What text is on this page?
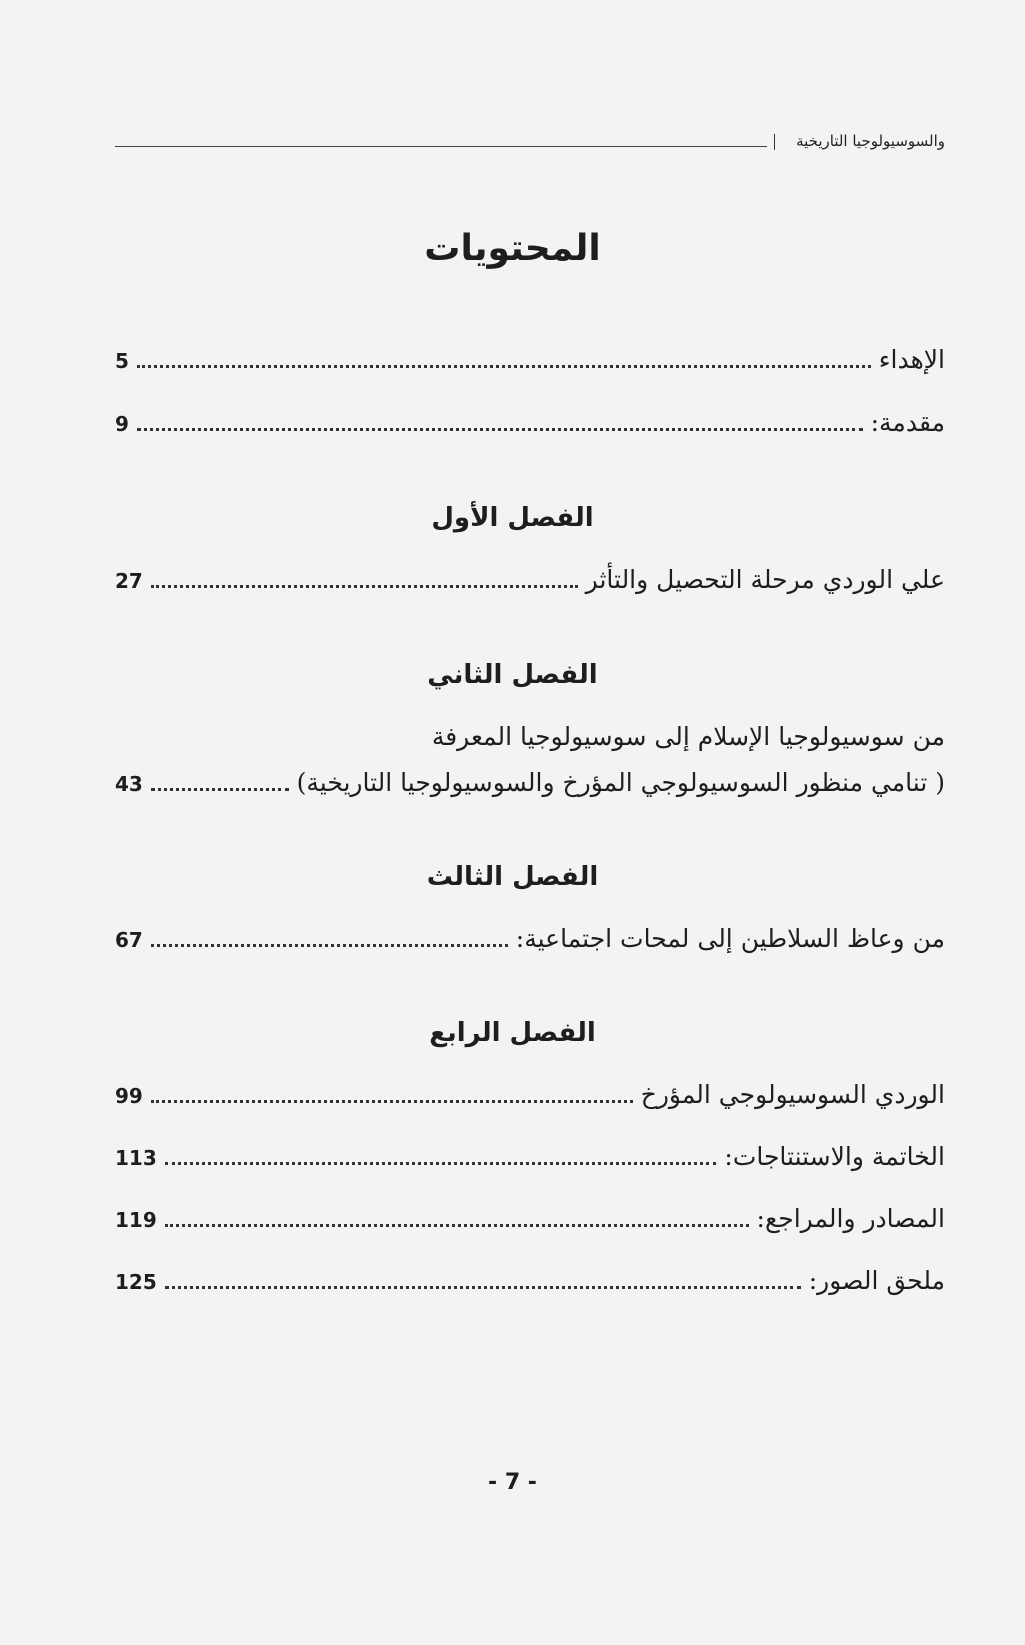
والسوسيولوجيا التاريخية
المحتويات
الإهداء
5
مقدمة:
9
الفصل الأول
علي الوردي مرحلة التحصيل والتأثر
27
الفصل الثاني
من سوسيولوجيا الإسلام إلى سوسيولوجيا المعرفة
( تنامي منظور السوسيولوجي المؤرخ والسوسيولوجيا التاريخية)
43
الفصل الثالث
من وعاظ السلاطين إلى لمحات اجتماعية:
67
الفصل الرابع
الوردي السوسيولوجي المؤرخ
99
الخاتمة والاستنتاجات:
113
المصادر والمراجع:
119
ملحق الصور:
125
- 7 -
